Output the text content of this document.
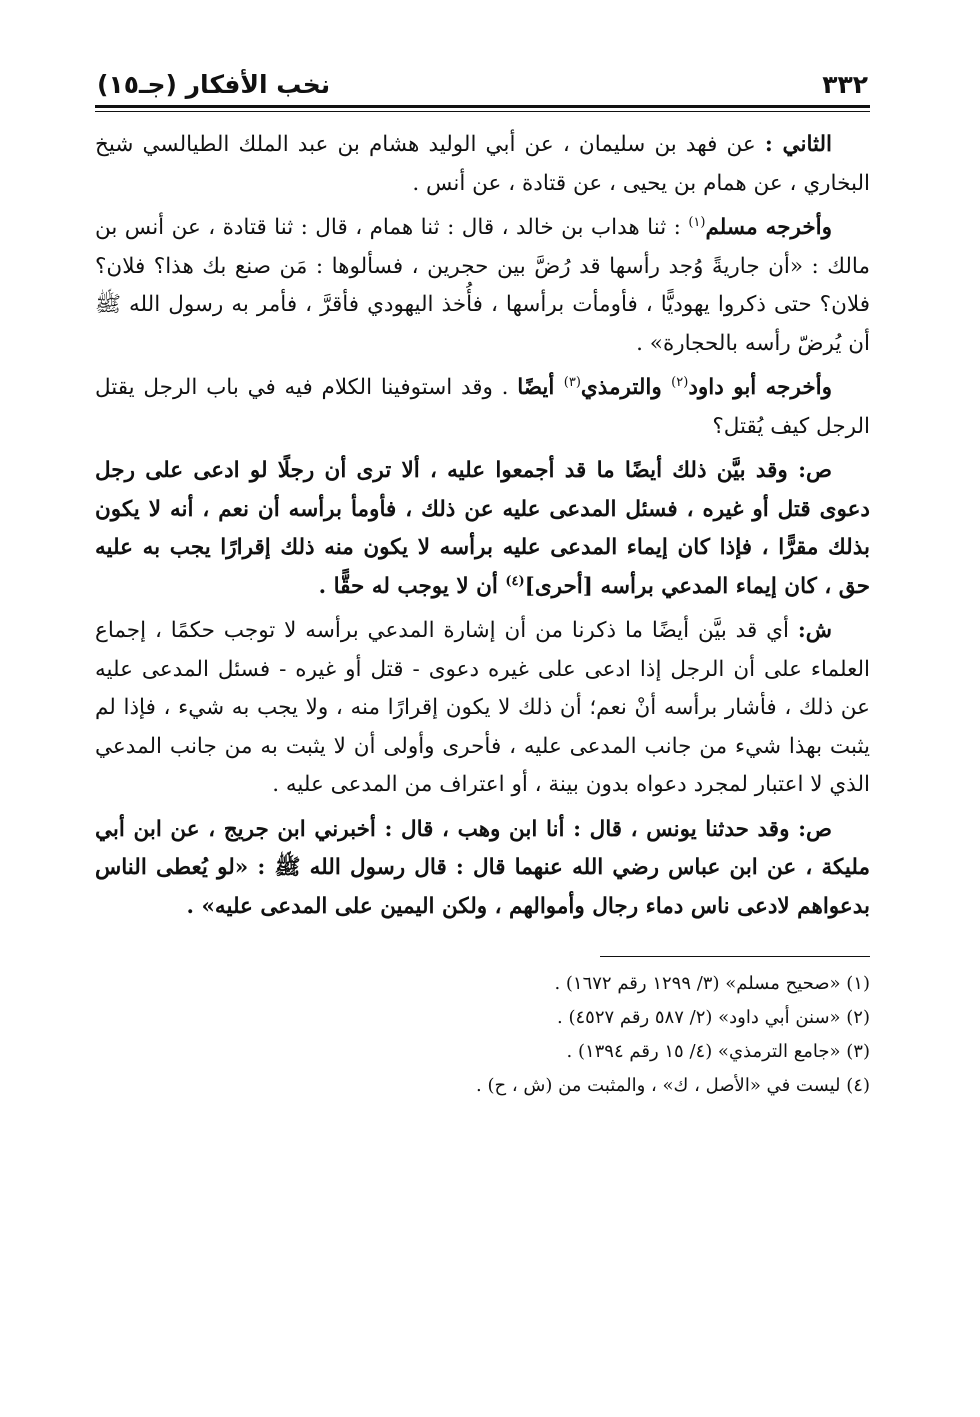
٣٣٢
نخب الأفكار (جـ١٥)

الثاني : عن فهد بن سليمان ، عن أبي الوليد هشام بن عبد الملك الطيالسي شيخ البخاري ، عن همام بن يحيى ، عن قتادة ، عن أنس .

وأخرجه مسلم$^{(١)}$ : ثنا هداب بن خالد ، قال : ثنا همام ، قال : ثنا قتادة ، عن أنس بن مالك : «أن جاريةً وُجد رأسها قد رُضَّ بين حجرين ، فسألوها : مَن صنع بك هذا؟ فلان؟ فلان؟ حتى ذكروا يهوديًّا ، فأومأت برأسها ، فأُخذ اليهودي فأقرَّ ، فأمر به رسول الله ﷺ أن يُرضّ رأسه بالحجارة» .

وأخرجه أبو داود$^{(٢)}$ والترمذي$^{(٣)}$ أيضًا . وقد استوفينا الكلام فيه في باب الرجل يقتل الرجل كيف يُقتل؟

ص: وقد بيَّن ذلك أيضًا ما قد أجمعوا عليه ، ألا ترى أن رجلًا لو ادعى على رجل دعوى قتل أو غيره ، فسئل المدعى عليه عن ذلك ، فأومأ برأسه أن نعم ، أنه لا يكون بذلك مقرًّا ، فإذا كان إيماء المدعى عليه برأسه لا يكون منه ذلك إقرارًا يجب به عليه حق ، كان إيماء المدعي برأسه [أحرى]$^{(٤)}$ أن لا يوجب له حقًّا .

ش: أي قد بيَّن أيضًا ما ذكرنا من أن إشارة المدعي برأسه لا توجب حكمًا ، إجماع العلماء على أن الرجل إذا ادعى على غيره دعوى - قتل أو غيره - فسئل المدعى عليه عن ذلك ، فأشار برأسه أنْ نعم؛ أن ذلك لا يكون إقرارًا منه ، ولا يجب به شيء ، فإذا لم يثبت بهذا شيء من جانب المدعى عليه ، فأحرى وأولى أن لا يثبت به من جانب المدعي الذي لا اعتبار لمجرد دعواه بدون بينة ، أو اعتراف من المدعى عليه .

ص: وقد حدثنا يونس ، قال : أنا ابن وهب ، قال : أخبرني ابن جريج ، عن ابن أبي مليكة ، عن ابن عباس رضي الله عنهما قال : قال رسول الله ﷺ : «لو يُعطى الناس بدعواهم لادعى ناس دماء رجال وأموالهم ، ولكن اليمين على المدعى عليه» .

(١) «صحيح مسلم» (٣/ ١٢٩٩ رقم ١٦٧٢) .

(٢) «سنن أبي داود» (٢/ ٥٨٧ رقم ٤٥٢٧) .

(٣) «جامع الترمذي» (٤/ ١٥ رقم ١٣٩٤) .

(٤) ليست في «الأصل ، ك» ، والمثبت من (ش ، ح) .
